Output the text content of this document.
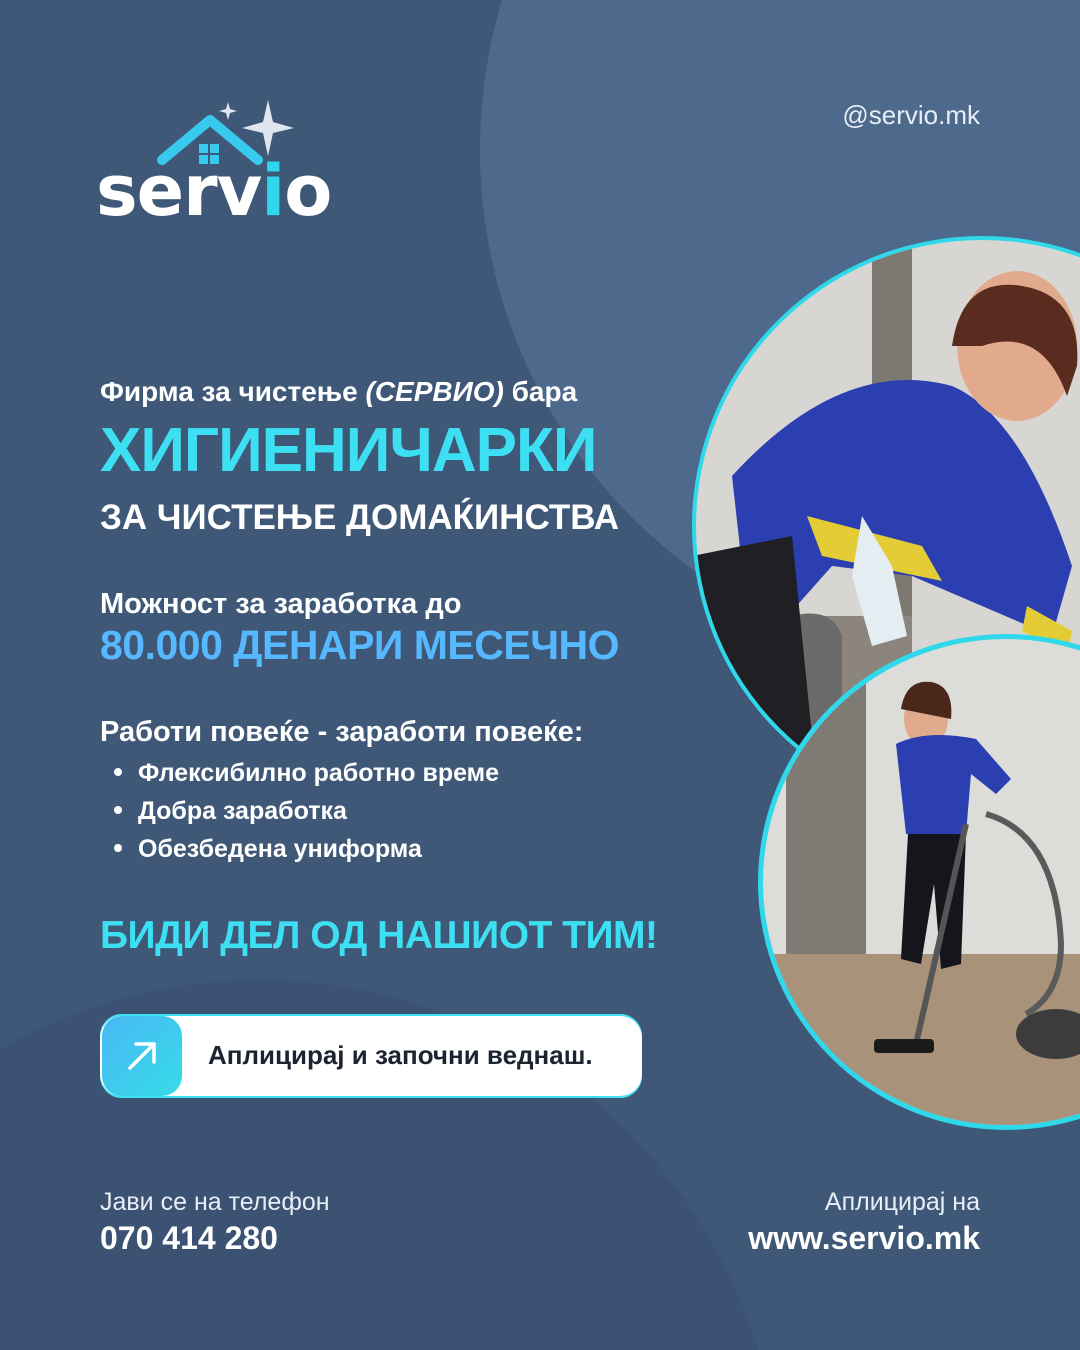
servio
@servio.mk
Фирма за чистење (СЕРВИО) бара
ХИГИЕНИЧАРКИ
ЗА ЧИСТЕЊЕ ДОМАЌИНСТВА
Можност за заработка до
80.000 ДЕНАРИ МЕСЕЧНО
Работи повеќе - заработи повеќе:
Флексибилно работно време
Добра заработка
Обезбедена униформа
БИДИ ДЕЛ ОД НАШИОТ ТИМ!
Аплицирај и започни веднаш.
Јави се на телефон
070 414 280
Аплицирај на
www.servio.mk
